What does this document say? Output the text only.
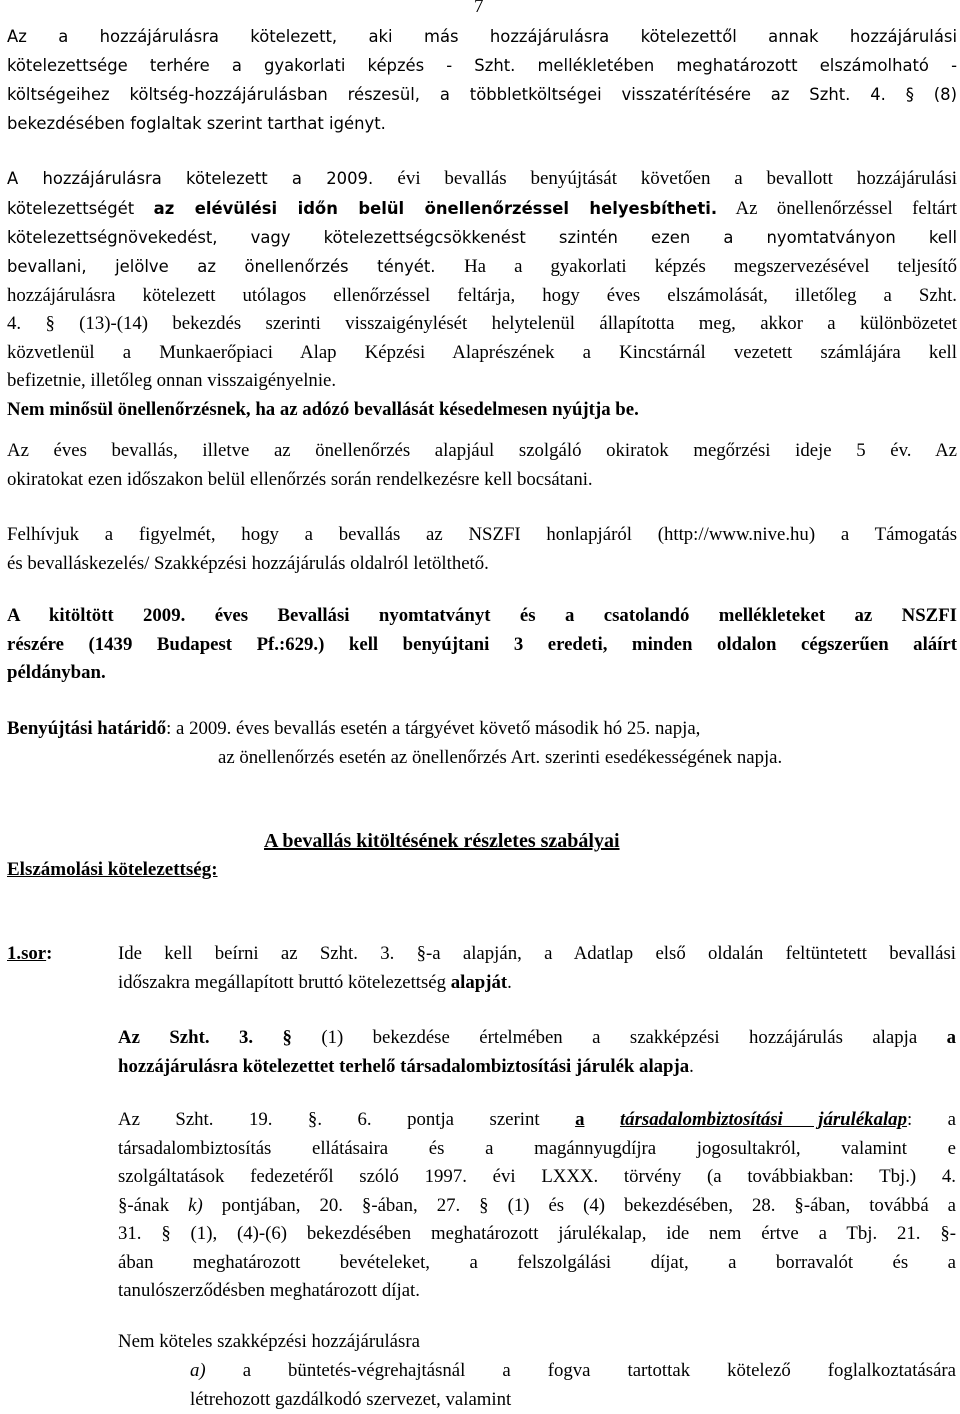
7

Az a hozzájárulásra kötelezett, aki más hozzájárulásra kötelezettől annak hozzájárulási
kötelezettsége terhére a gyakorlati képzés - Szht. mellékletében meghatározott elszámolható -
költségeihez költség-hozzájárulásban részesül, a többletköltségei visszatérítésére az Szht. 4. § (8)
bekezdésében foglaltak szerint tarthat igényt.

A hozzájárulásra kötelezett a 2009. évi bevallás benyújtását követően a bevallott hozzájárulási
kötelezettségét az elévülési időn belül önellenőrzéssel helyesbítheti. Az önellenőrzéssel feltárt
kötelezettségnövekedést, vagy kötelezettségcsökkenést szintén ezen a nyomtatványon kell
bevallani, jelölve az önellenőrzés tényét. Ha a gyakorlati képzés megszervezésével teljesítő
hozzájárulásra kötelezett utólagos ellenőrzéssel feltárja, hogy éves elszámolását, illetőleg a Szht.
4. § (13)-(14) bekezdés szerinti visszaigénylését helytelenül állapította meg, akkor a különbözetet
közvetlenül a Munkaerőpiaci Alap Képzési Alaprészének a Kincstárnál vezetett számlájára kell
befizetnie, illetőleg onnan visszaigényelnie.
Nem minősül önellenőrzésnek, ha az adózó bevallását késedelmesen nyújtja be.

Az éves bevallás, illetve az önellenőrzés alapjául szolgáló okiratok megőrzési ideje 5 év. Az
okiratokat ezen időszakon belül ellenőrzés során rendelkezésre kell bocsátani.

Felhívjuk a figyelmét, hogy a bevallás az NSZFI honlapjáról (http://www.nive.hu) a Támogatás
és bevalláskezelés/ Szakképzési hozzájárulás oldalról letölthető.

A kitöltött 2009. éves Bevallási nyomtatványt és a csatolandó mellékleteket az NSZFI
részére (1439 Budapest Pf.:629.) kell benyújtani 3 eredeti, minden oldalon cégszerűen aláírt
példányban.

Benyújtási határidő: a 2009. éves bevallás esetén a tárgyévet követő második hó 25. napja,
az önellenőrzés esetén az önellenőrzés Art. szerinti esedékességének napja.

A bevallás kitöltésének részletes szabályai
Elszámolási kötelezettség:
1.sor:	Ide kell beírni az Szht. 3. §-a alapján, a Adatlap első oldalán feltüntetett bevallási
időszakra megállapított bruttó kötelezettség alapját.

Az Szht. 3. § (1) bekezdése értelmében a szakképzési hozzájárulás alapja a
hozzájárulásra kötelezettet terhelő társadalombiztosítási járulék alapja.

Az Szht. 19. §. 6. pontja szerint a társadalombiztosítási járulékalap: a
társadalombiztosítás ellátásaira és a magánnyugdíjra jogosultakról, valamint e
szolgáltatások fedezetéről szóló 1997. évi LXXX. törvény (a továbbiakban: Tbj.) 4.
§-ának k) pontjában, 20. §-ában, 27. § (1) és (4) bekezdésében, 28. §-ában, továbbá a
31. § (1), (4)-(6) bekezdésében meghatározott járulékalap, ide nem értve a Tbj. 21. §-
ában meghatározott bevételeket, a felszolgálási díjat, a borravalót és a
tanulószerződésben meghatározott díjat.

Nem köteles szakképzési hozzájárulásra

a) a büntetés-végrehajtásnál a fogva tartottak kötelező foglalkoztatására
létrehozott gazdálkodó szervezet, valamint
